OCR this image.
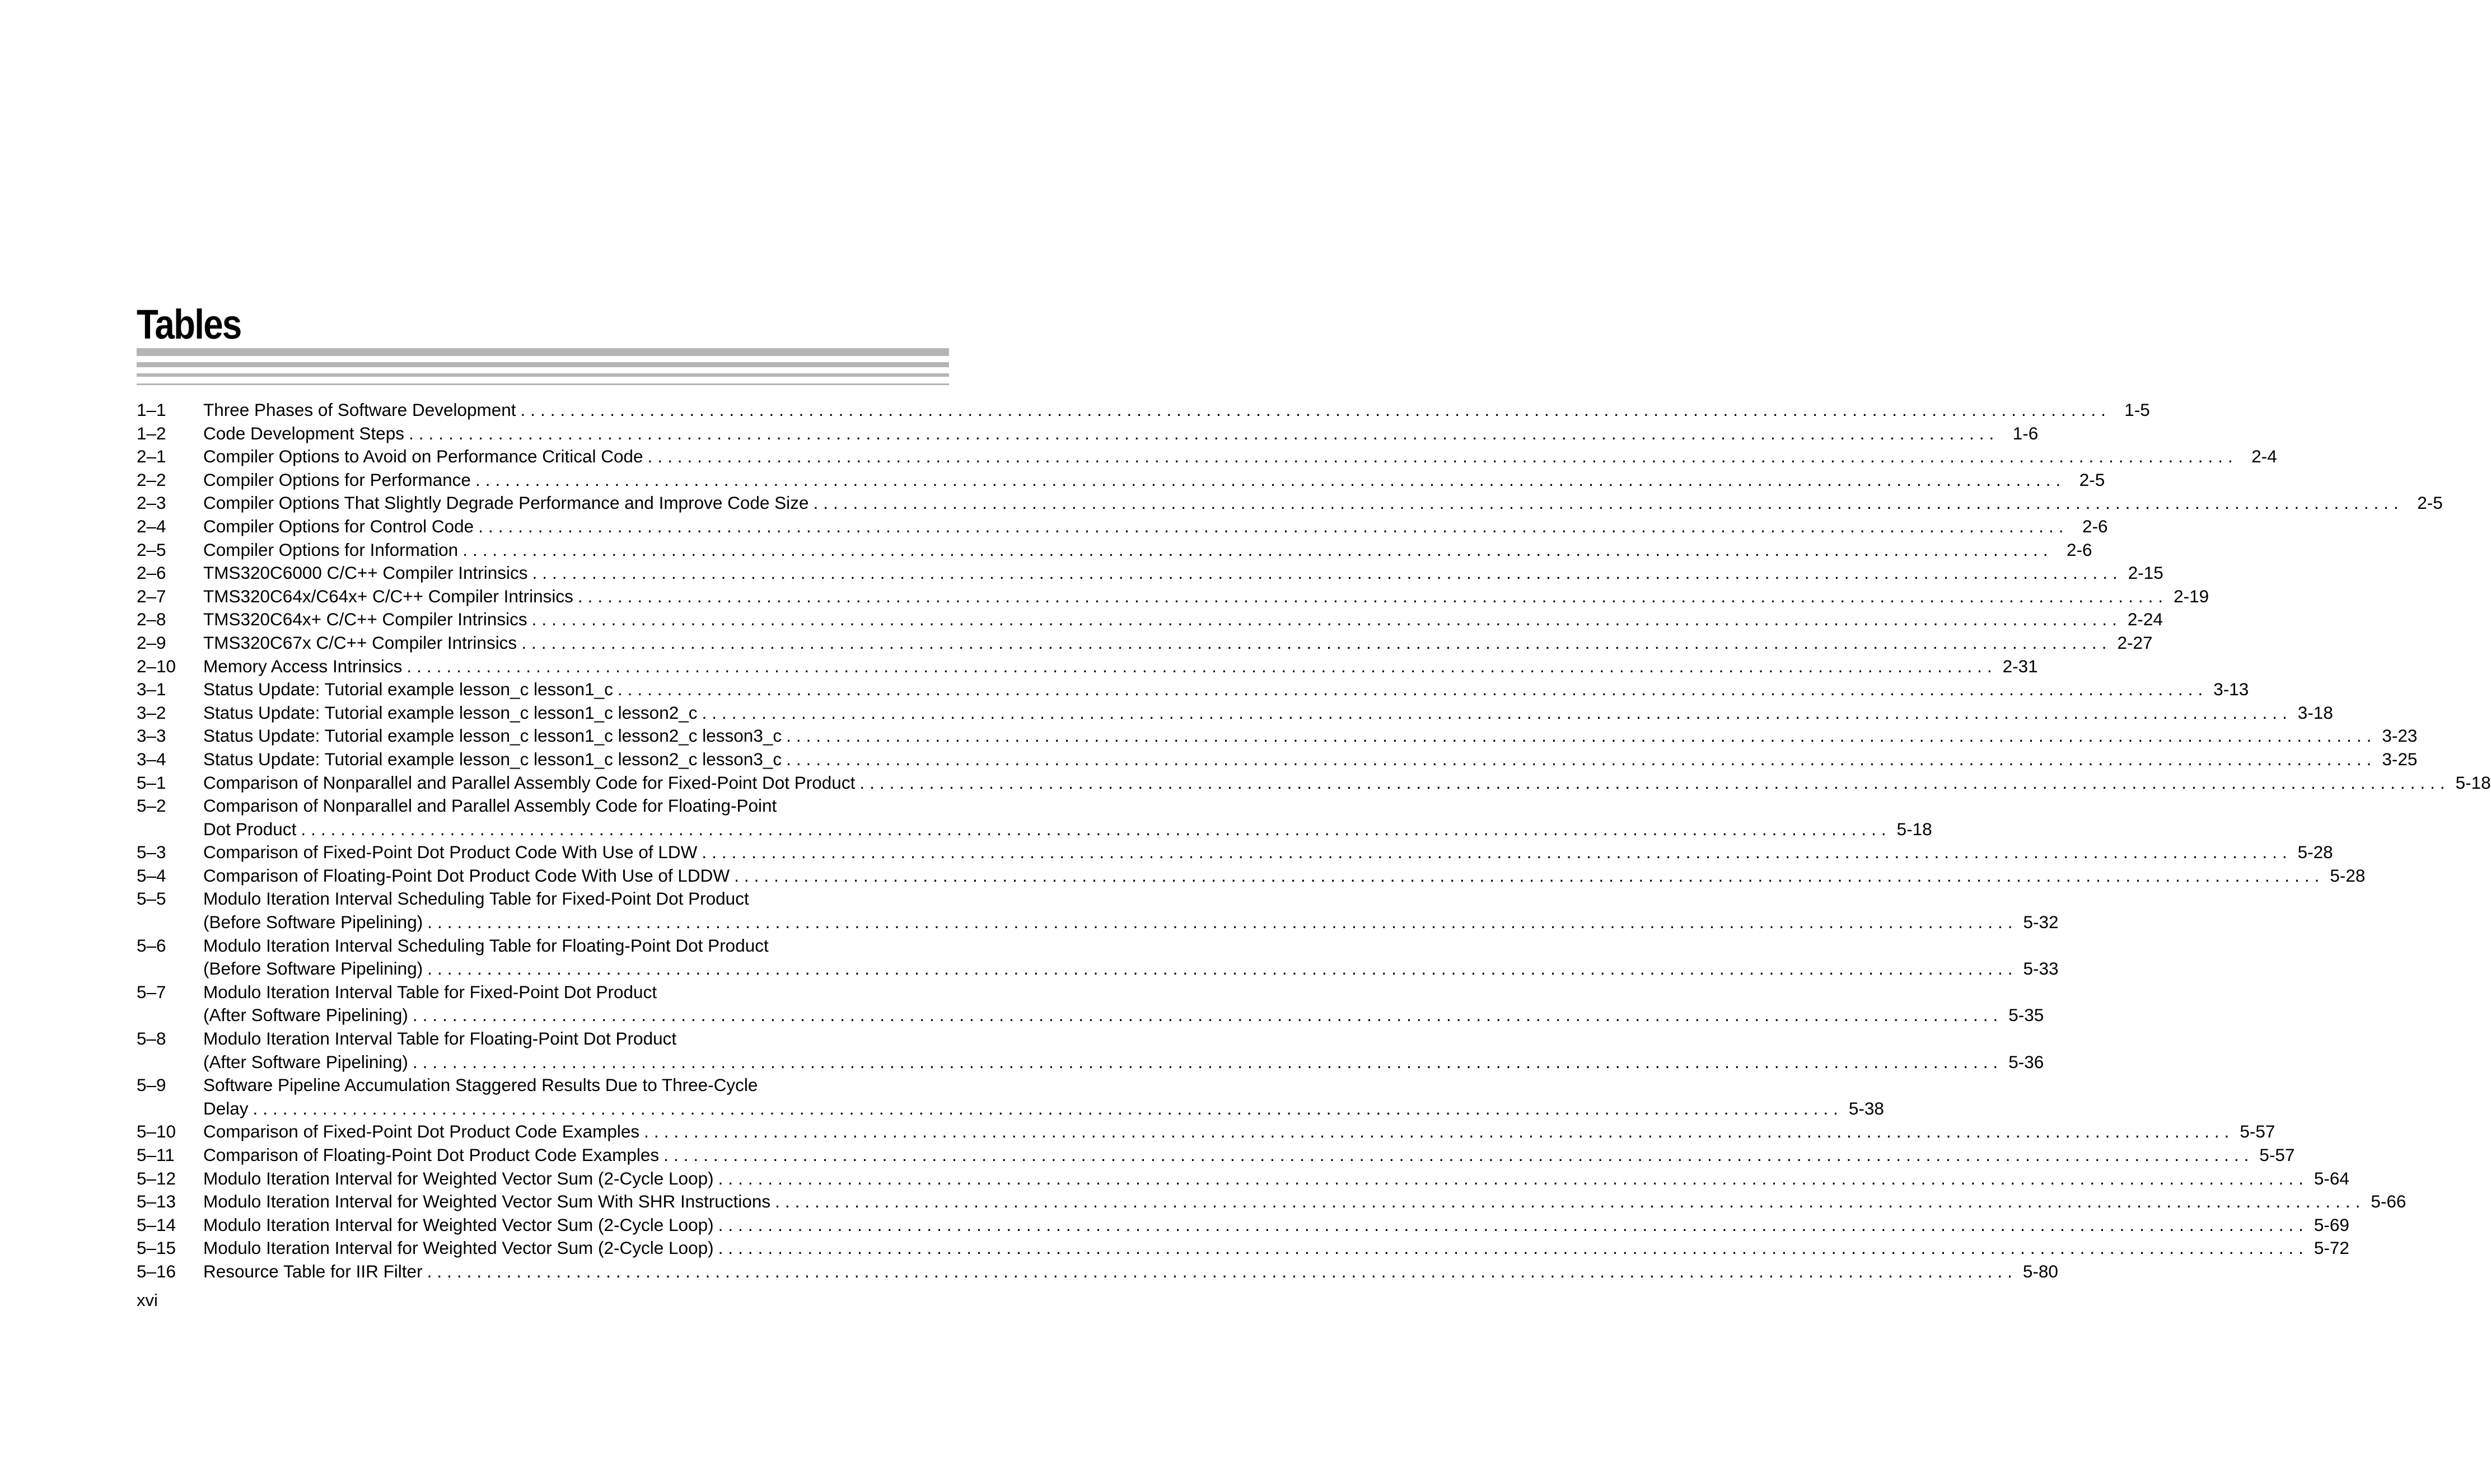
Tables
1–1	Three Phases of Software Development ................................................................................................................................................................ 1-5
1–2	Code Development Steps ................................................................................................................................................................ 1-6
2–1	Compiler Options to Avoid on Performance Critical Code ................................................................................................................................................................ 2-4
2–2	Compiler Options for Performance ................................................................................................................................................................ 2-5
2–3	Compiler Options That Slightly Degrade Performance and Improve Code Size ................................................................................................................................................................ 2-5
2–4	Compiler Options for Control Code ................................................................................................................................................................ 2-6
2–5	Compiler Options for Information ................................................................................................................................................................ 2-6
2–6	TMS320C6000 C/C++ Compiler Intrinsics ................................................................................................................................................................ 2-15
2–7	TMS320C64x/C64x+ C/C++ Compiler Intrinsics ................................................................................................................................................................ 2-19
2–8	TMS320C64x+ C/C++ Compiler Intrinsics ................................................................................................................................................................ 2-24
2–9	TMS320C67x C/C++ Compiler Intrinsics ................................................................................................................................................................ 2-27
2–10	Memory Access Intrinsics ................................................................................................................................................................ 2-31
3–1	Status Update: Tutorial example lesson_c lesson1_c ................................................................................................................................................................ 3-13
3–2	Status Update: Tutorial example lesson_c lesson1_c lesson2_c ................................................................................................................................................................ 3-18
3–3	Status Update: Tutorial example lesson_c lesson1_c lesson2_c lesson3_c ................................................................................................................................................................ 3-23
3–4	Status Update: Tutorial example lesson_c lesson1_c lesson2_c lesson3_c ................................................................................................................................................................ 3-25
5–1	Comparison of Nonparallel and Parallel Assembly Code for Fixed-Point Dot Product ................................................................................................................................................................ 5-18
5–2	Comparison of Nonparallel and Parallel Assembly Code for Floating-Point
Dot Product ................................................................................................................................................................ 5-18
5–3	Comparison of Fixed-Point Dot Product Code With Use of LDW ................................................................................................................................................................ 5-28
5–4	Comparison of Floating-Point Dot Product Code With Use of LDDW ................................................................................................................................................................ 5-28
5–5	Modulo Iteration Interval Scheduling Table for Fixed-Point Dot Product
(Before Software Pipelining) ................................................................................................................................................................ 5-32
5–6	Modulo Iteration Interval Scheduling Table for Floating-Point Dot Product
(Before Software Pipelining) ................................................................................................................................................................ 5-33
5–7	Modulo Iteration Interval Table for Fixed-Point Dot Product
(After Software Pipelining) ................................................................................................................................................................ 5-35
5–8	Modulo Iteration Interval Table for Floating-Point Dot Product
(After Software Pipelining) ................................................................................................................................................................ 5-36
5–9	Software Pipeline Accumulation Staggered Results Due to Three-Cycle
Delay ................................................................................................................................................................ 5-38
5–10	Comparison of Fixed-Point Dot Product Code Examples ................................................................................................................................................................ 5-57
5–11	Comparison of Floating-Point Dot Product Code Examples ................................................................................................................................................................ 5-57
5–12	Modulo Iteration Interval for Weighted Vector Sum (2-Cycle Loop) ................................................................................................................................................................ 5-64
5–13	Modulo Iteration Interval for Weighted Vector Sum With SHR Instructions ................................................................................................................................................................ 5-66
5–14	Modulo Iteration Interval for Weighted Vector Sum (2-Cycle Loop) ................................................................................................................................................................ 5-69
5–15	Modulo Iteration Interval for Weighted Vector Sum (2-Cycle Loop) ................................................................................................................................................................ 5-72
5–16	Resource Table for IIR Filter ................................................................................................................................................................ 5-80
xvi
